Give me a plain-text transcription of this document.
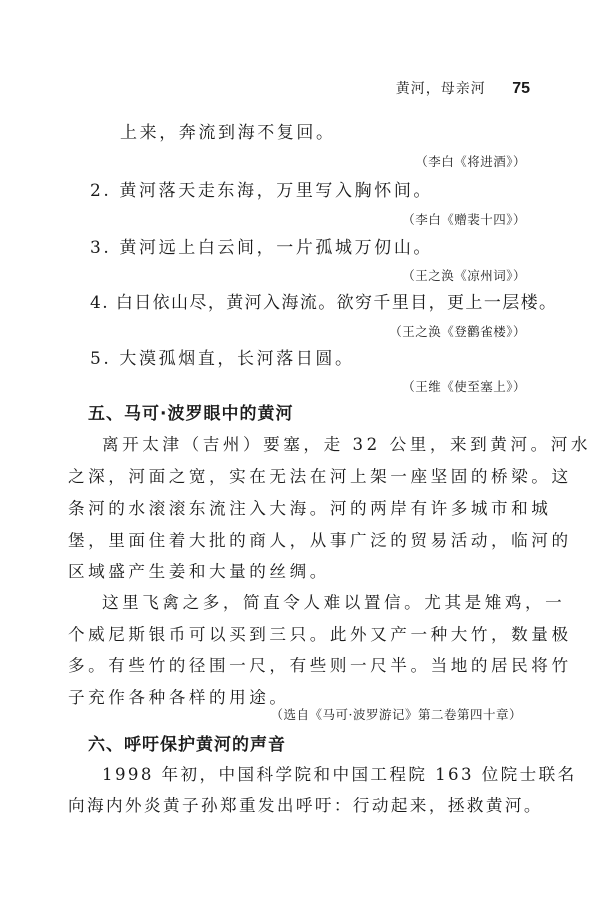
黄河，母亲河 75
上来，奔流到海不复回。
（李白《将进酒》）
2. 黄河落天走东海，万里写入胸怀间。
（李白《赠裴十四》）
3. 黄河远上白云间，一片孤城万仞山。
（王之涣《凉州词》）
4. 白日依山尽，黄河入海流。欲穷千里目，更上一层楼。
（王之涣《登鹳雀楼》）
5. 大漠孤烟直，长河落日圆。
（王维《使至塞上》）
五、马可·波罗眼中的黄河
离开太津（吉州）要塞，走 32 公里，来到黄河。河水
之深，河面之宽，实在无法在河上架一座坚固的桥梁。这
条河的水滚滚东流注入大海。河的两岸有许多城市和城
堡，里面住着大批的商人，从事广泛的贸易活动，临河的
区域盛产生姜和大量的丝绸。
这里飞禽之多，简直令人难以置信。尤其是雉鸡，一
个威尼斯银币可以买到三只。此外又产一种大竹，数量极
多。有些竹的径围一尺，有些则一尺半。当地的居民将竹
子充作各种各样的用途。
（选自《马可·波罗游记》第二卷第四十章）
六、呼吁保护黄河的声音
1998 年初，中国科学院和中国工程院 163 位院士联名
向海内外炎黄子孙郑重发出呼吁：行动起来，拯救黄河。
